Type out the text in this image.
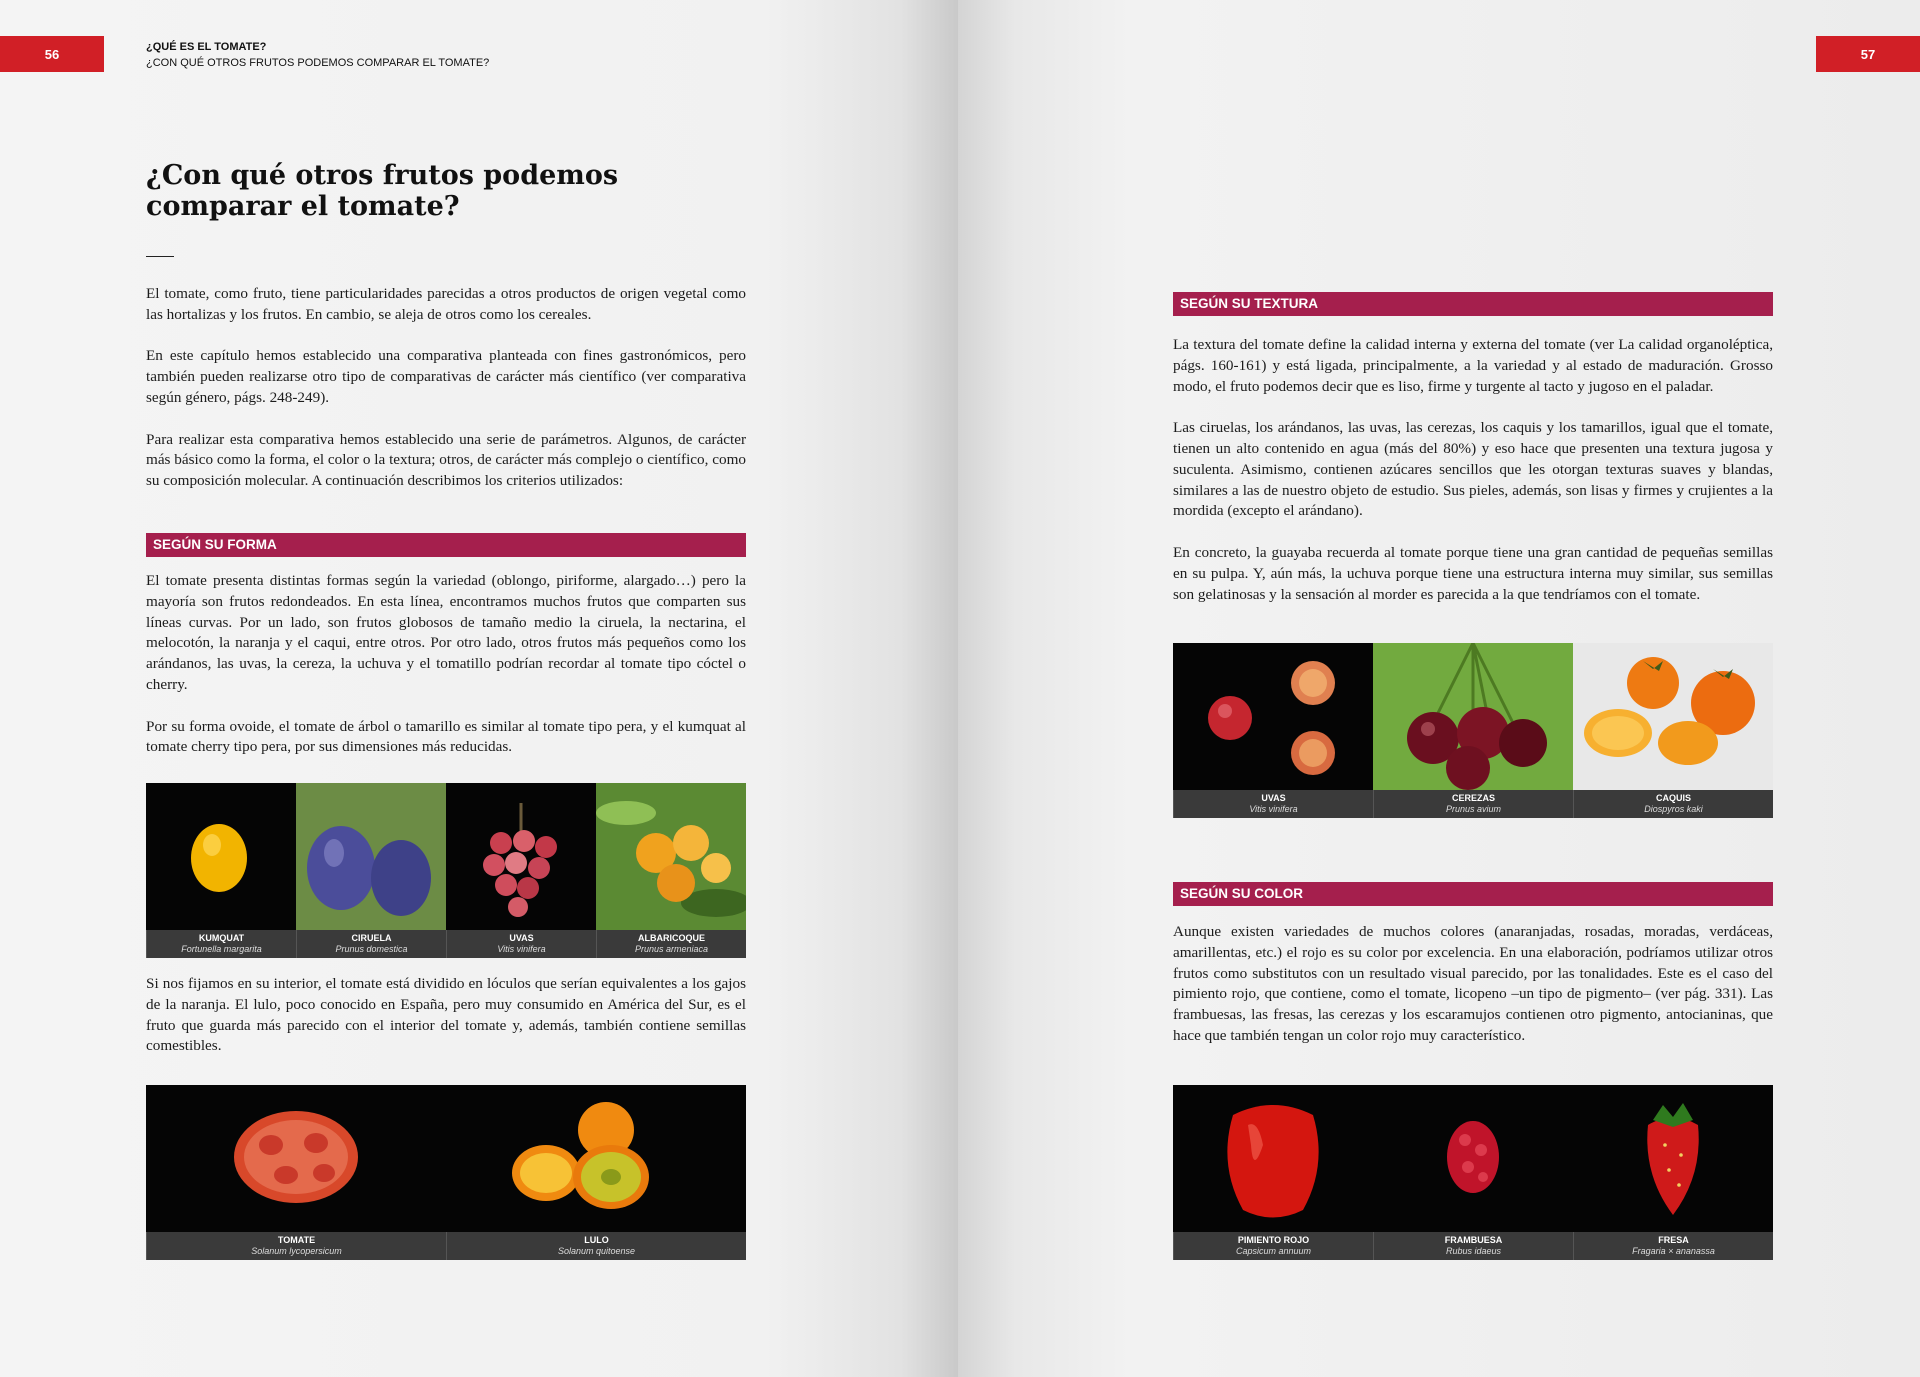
56	¿QUÉ ES EL TOMATE?
¿CON QUÉ OTROS FRUTOS PODEMOS COMPARAR EL TOMATE?
¿Con qué otros frutos podemos comparar el tomate?

El tomate, como fruto, tiene particularidades parecidas a otros productos de origen vegetal como las hortalizas y los frutos. En cambio, se aleja de otros como los cereales.

En este capítulo hemos establecido una comparativa planteada con fines gastronómicos, pero también pueden realizarse otro tipo de comparativas de carácter más científico (ver comparativa según género, págs. 248-249).

Para realizar esta comparativa hemos establecido una serie de parámetros. Algunos, de carácter más básico como la forma, el color o la textura; otros, de carácter más complejo o científico, como su composición molecular. A continuación describimos los criterios utilizados:

SEGÚN SU FORMA

El tomate presenta distintas formas según la variedad (oblongo, piriforme, alargado…) pero la mayoría son frutos redondeados. En esta línea, encontramos muchos frutos que comparten sus líneas curvas. Por un lado, son frutos globosos de tamaño medio la ciruela, la nectarina, el melocotón, la naranja y el caqui, entre otros. Por otro lado, otros frutos más pequeños como los arándanos, las uvas, la cereza, la uchuva y el tomatillo podrían recordar al tomate tipo cóctel o cherry.

Por su forma ovoide, el tomate de árbol o tamarillo es similar al tomate tipo pera, y el kumquat al tomate cherry tipo pera, por sus dimensiones más reducidas.

KUMQUAT
Fortunella margarita
CIRUELA
Prunus domestica
UVAS
Vitis vinifera
ALBARICOQUE
Prunus armeniaca

Si nos fijamos en su interior, el tomate está dividido en lóculos que serían equivalentes a los gajos de la naranja. El lulo, poco conocido en España, pero muy consumido en América del Sur, es el fruto que guarda más parecido con el interior del tomate y, además, también contiene semillas comestibles.

TOMATE
Solanum lycopersicum
LULO
Solanum quitoense
57
SEGÚN SU TEXTURA

La textura del tomate define la calidad interna y externa del tomate (ver La calidad organoléptica, págs. 160-161) y está ligada, principalmente, a la variedad y al estado de maduración. Grosso modo, el fruto podemos decir que es liso, firme y turgente al tacto y jugoso en el paladar.

Las ciruelas, los arándanos, las uvas, las cerezas, los caquis y los tamarillos, igual que el tomate, tienen un alto contenido en agua (más del 80%) y eso hace que presenten una textura jugosa y suculenta. Asimismo, contienen azúcares sencillos que les otorgan texturas suaves y blandas, similares a las de nuestro objeto de estudio. Sus pieles, además, son lisas y firmes y crujientes a la mordida (excepto el arándano).

En concreto, la guayaba recuerda al tomate porque tiene una gran cantidad de pequeñas semillas en su pulpa. Y, aún más, la uchuva porque tiene una estructura interna muy similar, sus semillas son gelatinosas y la sensación al morder es parecida a la que tendríamos con el tomate.

UVAS
Vitis vinifera
CEREZAS
Prunus avium
CAQUIS
Diospyros kaki
SEGÚN SU COLOR

Aunque existen variedades de muchos colores (anaranjadas, rosadas, moradas, verdáceas, amarillentas, etc.) el rojo es su color por excelencia. En una elaboración, podríamos utilizar otros frutos como substitutos con un resultado visual parecido, por las tonalidades. Este es el caso del pimiento rojo, que contiene, como el tomate, licopeno –un tipo de pigmento– (ver pág. 331). Las frambuesas, las fresas, las cerezas y los escaramujos contienen otro pigmento, antocianinas, que hace que también tengan un color rojo muy característico.

PIMIENTO ROJO
Capsicum annuum
FRAMBUESA
Rubus idaeus
FRESA
Fragaria × ananassa
